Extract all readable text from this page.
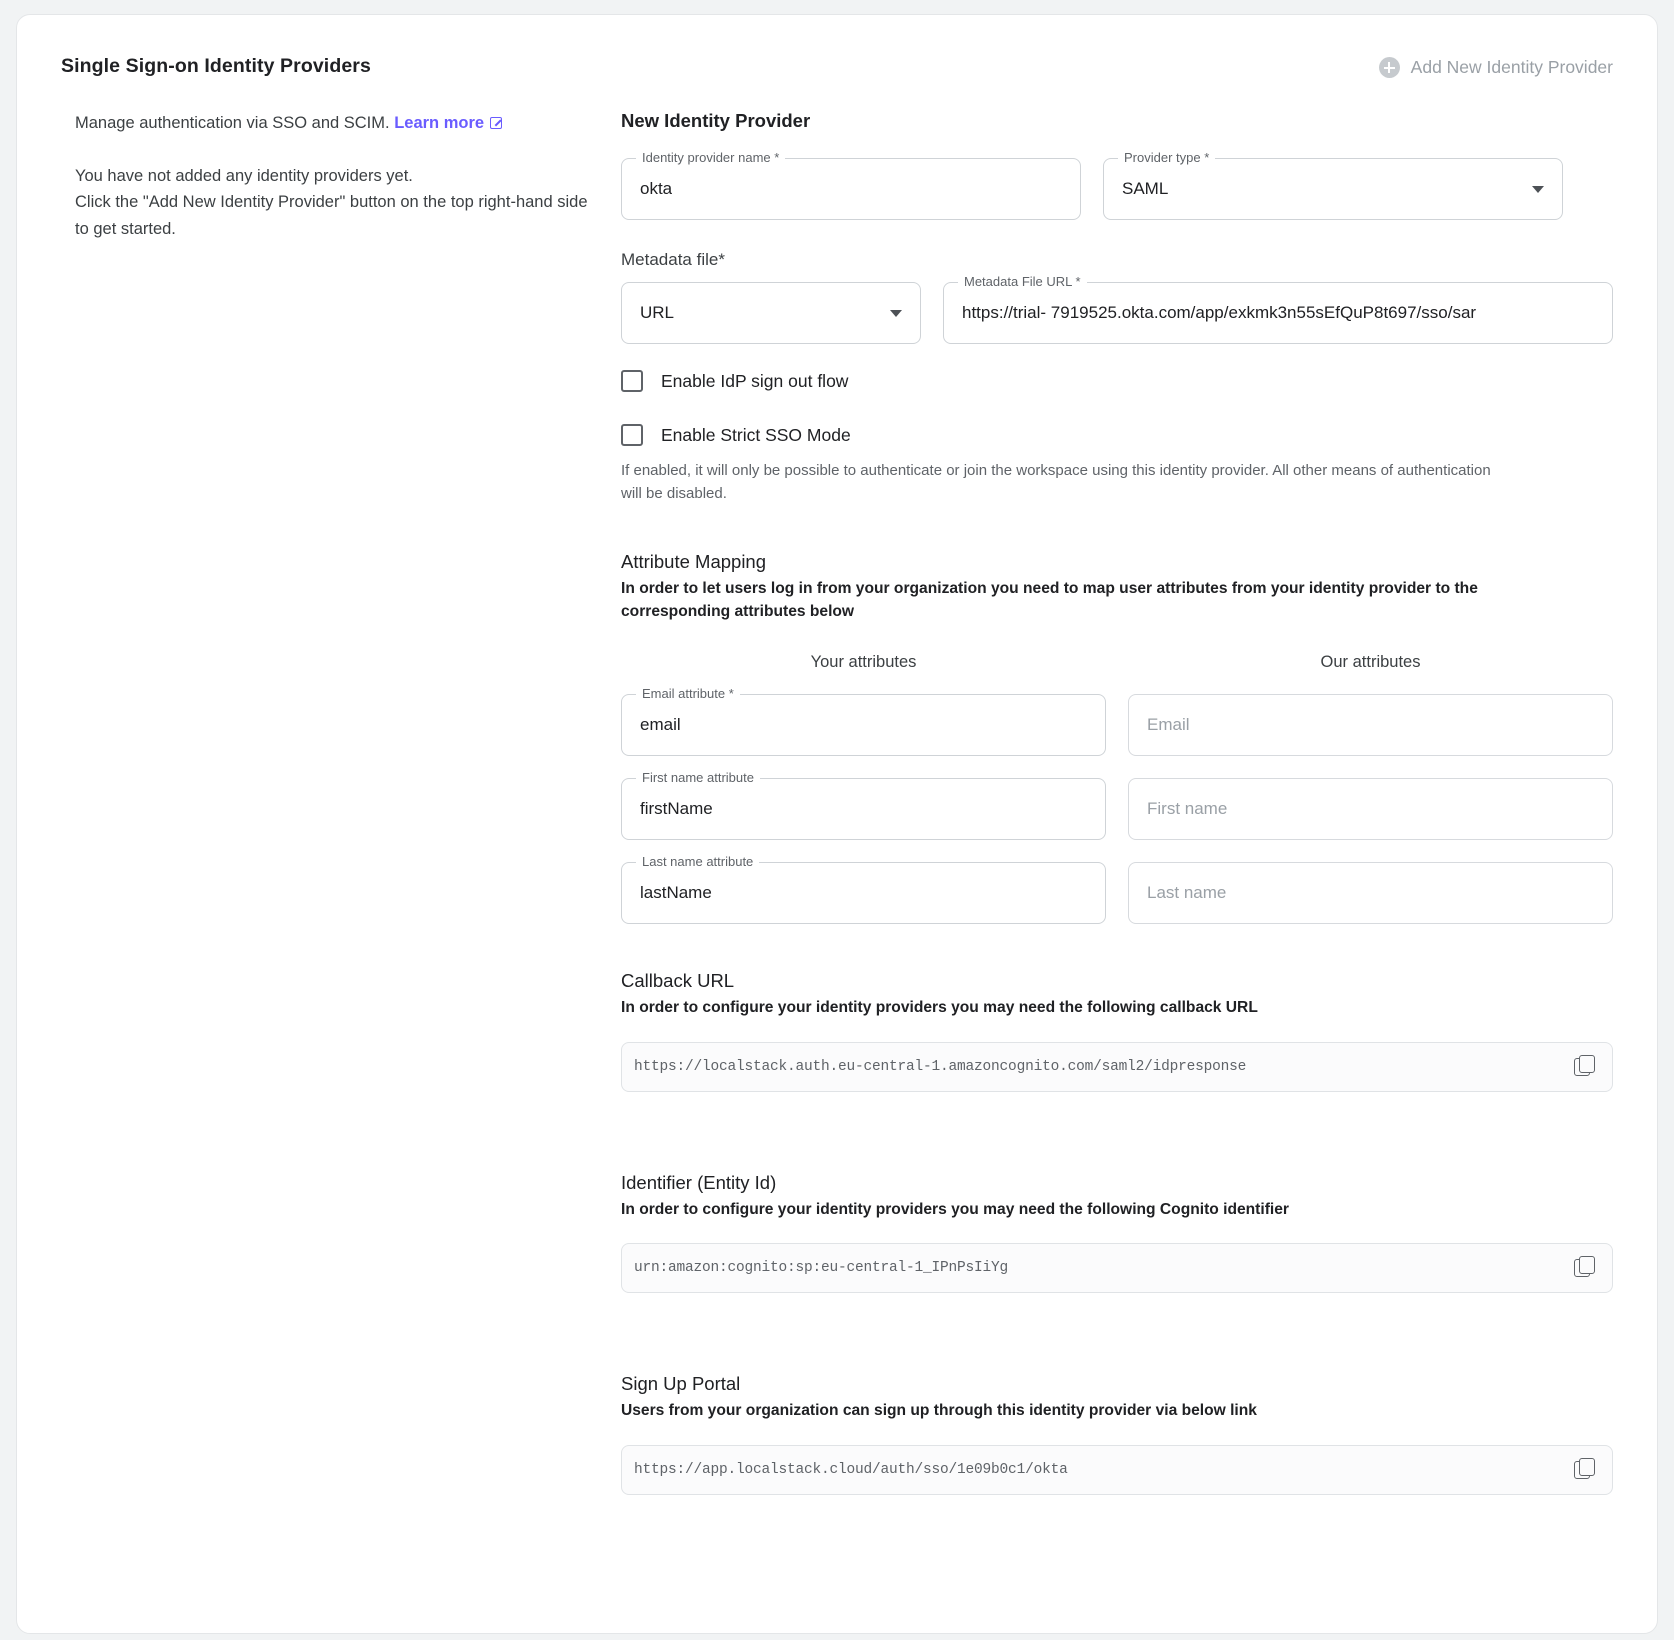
Single Sign-on Identity Providers	Add New Identity Provider
Manage authentication via SSO and SCIM. Learn more
You have not added any identity providers yet.
Click the "Add New Identity Provider" button on the top right-hand side to get started.
New Identity Provider
Identity provider name *
okta
Provider type *
SAML
Metadata file*
URL
Metadata File URL *
https://trial- 7919525.okta.com/app/exkmk3n55sEfQuP8t697/sso/sar
Enable IdP sign out flow
Enable Strict SSO Mode
If enabled, it will only be possible to authenticate or join the workspace using this identity provider. All other means of authentication will be disabled.
Attribute Mapping
In order to let users log in from your organization you need to map user attributes from your identity provider to the corresponding attributes below
Your attributes	Our attributes
Email attribute *
email	Email
First name attribute
firstName	First name
Last name attribute
lastName	Last name
Callback URL
In order to configure your identity providers you may need the following callback URL
https://localstack.auth.eu-central-1.amazoncognito.com/saml2/idpresponse
Identifier (Entity Id)
In order to configure your identity providers you may need the following Cognito identifier
urn:amazon:cognito:sp:eu-central-1_IPnPsIiYg
Sign Up Portal
Users from your organization can sign up through this identity provider via below link
https://app.localstack.cloud/auth/sso/1e09b0c1/okta
